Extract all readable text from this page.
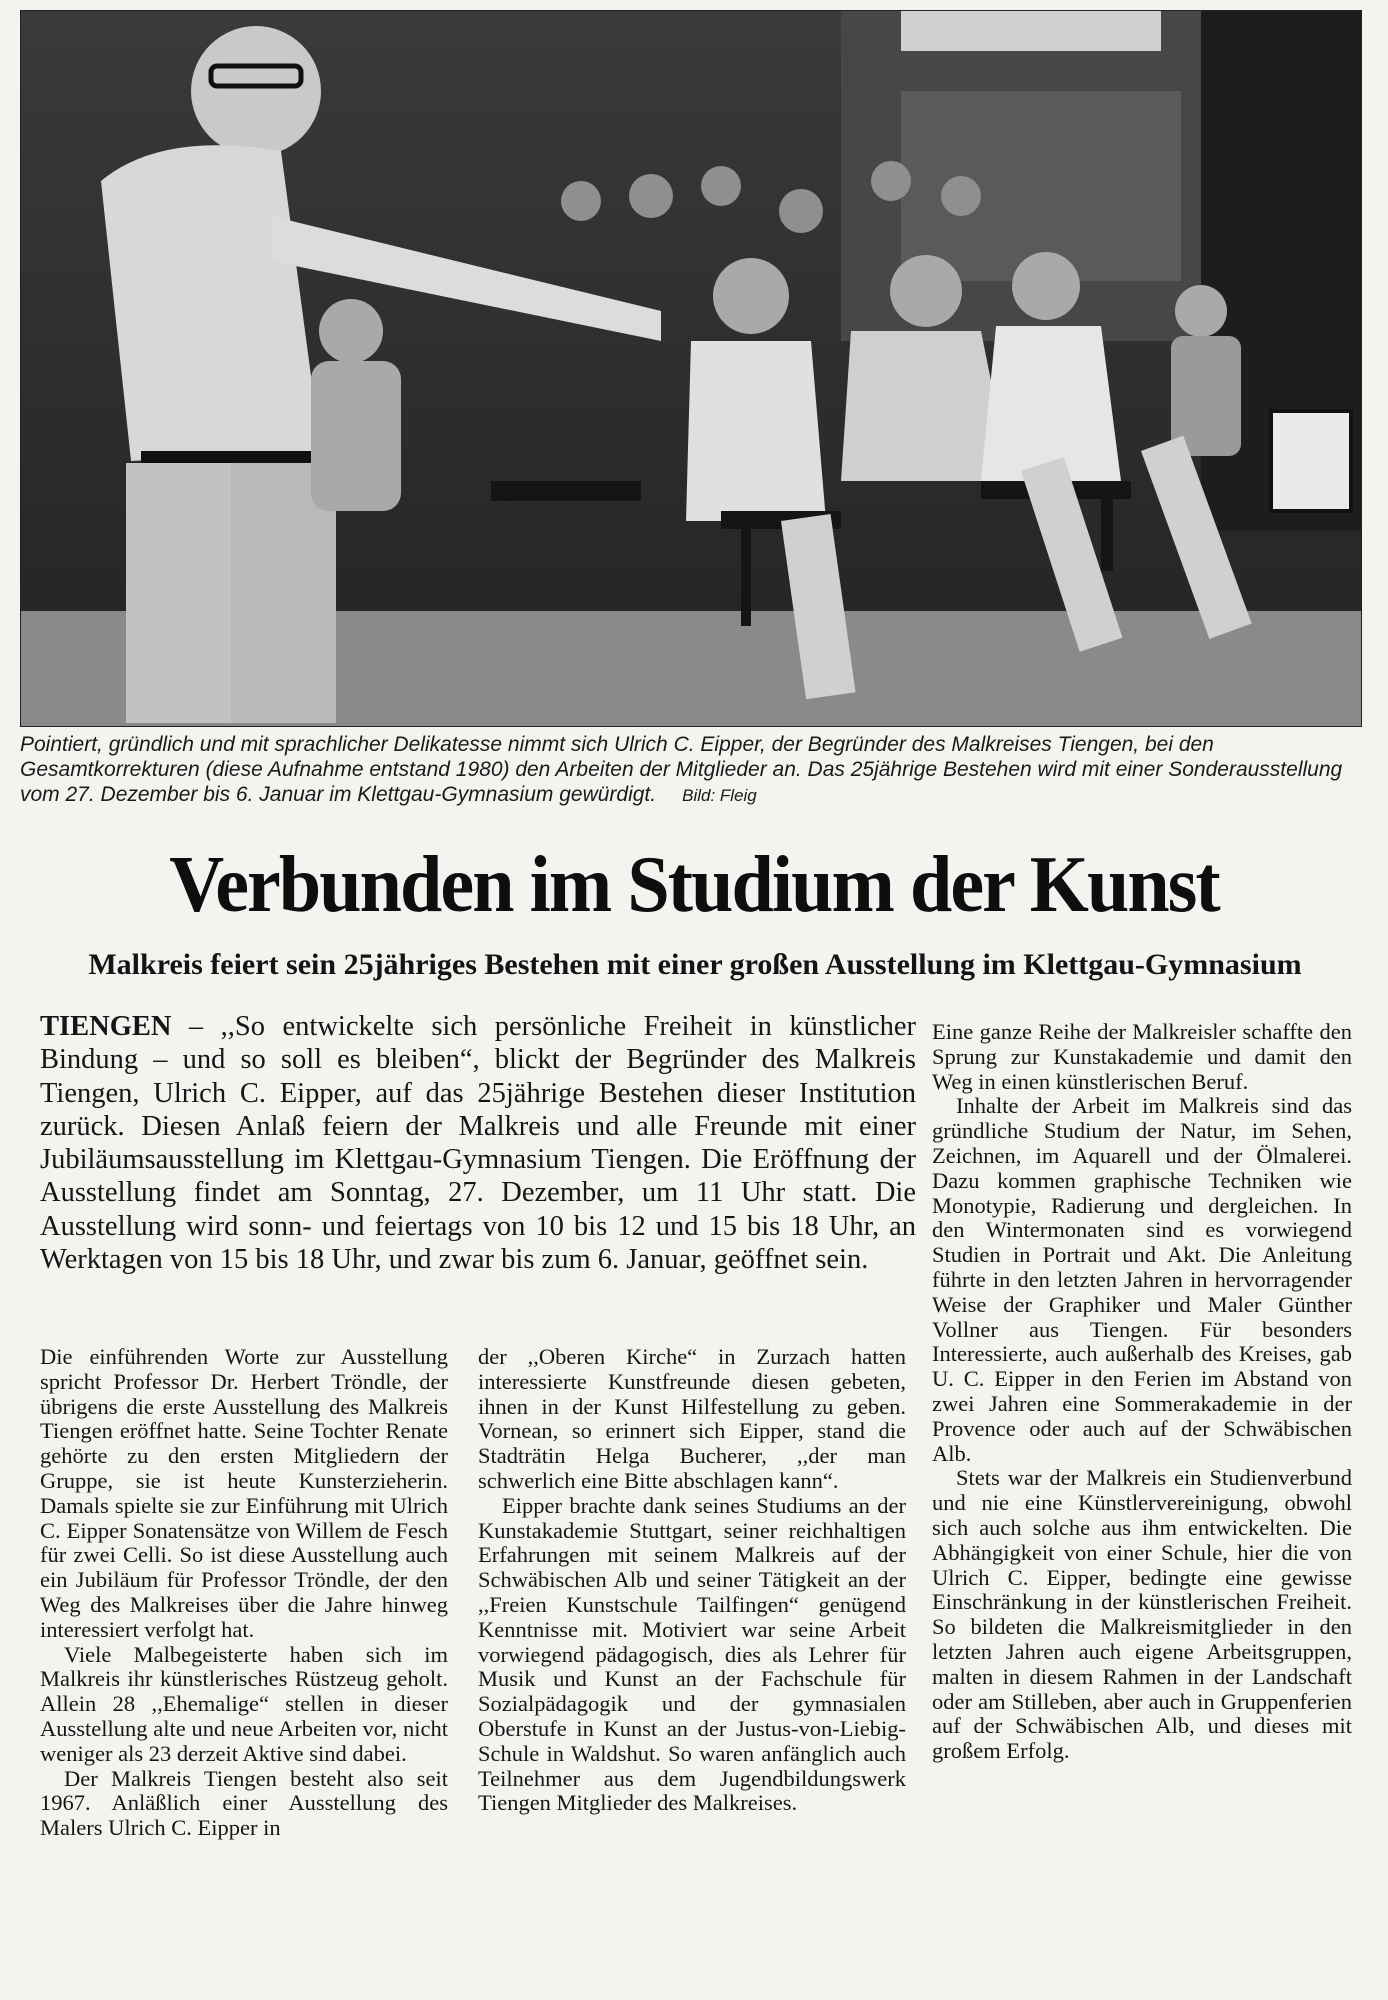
Pointiert, gründlich und mit sprachlicher Delikatesse nimmt sich Ulrich C. Eipper, der Begründer des Malkreises Tiengen, bei den Gesamtkorrekturen (diese Aufnahme entstand 1980) den Arbeiten der Mitglieder an. Das 25jährige Bestehen wird mit einer Sonderausstellung vom 27. Dezember bis 6. Januar im Klettgau-Gymnasium gewürdigt. Bild: Fleig
Verbunden im Studium der Kunst
Malkreis feiert sein 25jähriges Bestehen mit einer großen Ausstellung im Klettgau-Gymnasium
TIENGEN – ,,So entwickelte sich persönliche Freiheit in künstlicher Bindung – und so soll es bleiben“, blickt der Begründer des Malkreis Tiengen, Ulrich C. Eipper, auf das 25jährige Bestehen dieser Institution zurück. Diesen Anlaß feiern der Malkreis und alle Freunde mit einer Jubiläumsausstellung im Klettgau-Gymnasium Tiengen. Die Eröffnung der Ausstellung findet am Sonntag, 27. Dezember, um 11 Uhr statt. Die Ausstellung wird sonn- und feiertags von 10 bis 12 und 15 bis 18 Uhr, an Werktagen von 15 bis 18 Uhr, und zwar bis zum 6. Januar, geöffnet sein.

Die einführenden Worte zur Ausstellung spricht Professor Dr. Herbert Tröndle, der übrigens die erste Ausstellung des Malkreis Tiengen eröffnet hatte. Seine Tochter Renate gehörte zu den ersten Mitgliedern der Gruppe, sie ist heute Kunsterzieherin. Damals spielte sie zur Einführung mit Ulrich C. Eipper Sonatensätze von Willem de Fesch für zwei Celli. So ist diese Ausstellung auch ein Jubiläum für Professor Tröndle, der den Weg des Malkreises über die Jahre hinweg interessiert verfolgt hat.

Viele Malbegeisterte haben sich im Malkreis ihr künstlerisches Rüstzeug geholt. Allein 28 ,,Ehemalige“ stellen in dieser Ausstellung alte und neue Arbeiten vor, nicht weniger als 23 derzeit Aktive sind dabei.

Der Malkreis Tiengen besteht also seit 1967. Anläßlich einer Ausstellung des Malers Ulrich C. Eipper in

der ,,Oberen Kirche“ in Zurzach hatten interessierte Kunstfreunde diesen gebeten, ihnen in der Kunst Hilfestellung zu geben. Vornean, so erinnert sich Eipper, stand die Stadträtin Helga Bucherer, ,,der man schwerlich eine Bitte abschlagen kann“.

Eipper brachte dank seines Studiums an der Kunstakademie Stuttgart, seiner reichhaltigen Erfahrungen mit seinem Malkreis auf der Schwäbischen Alb und seiner Tätigkeit an der ,,Freien Kunstschule Tailfingen“ genügend Kenntnisse mit. Motiviert war seine Arbeit vorwiegend pädagogisch, dies als Lehrer für Musik und Kunst an der Fachschule für Sozialpädagogik und der gymnasialen Oberstufe in Kunst an der Justus-von-Liebig-Schule in Waldshut. So waren anfänglich auch Teilnehmer aus dem Jugendbildungswerk Tiengen Mitglieder des Malkreises.

Eine ganze Reihe der Malkreisler schaffte den Sprung zur Kunstakademie und damit den Weg in einen künstlerischen Beruf.

Inhalte der Arbeit im Malkreis sind das gründliche Studium der Natur, im Sehen, Zeichnen, im Aquarell und der Ölmalerei. Dazu kommen graphische Techniken wie Monotypie, Radierung und dergleichen. In den Wintermonaten sind es vorwiegend Studien in Portrait und Akt. Die Anleitung führte in den letzten Jahren in hervorragender Weise der Graphiker und Maler Günther Vollner aus Tiengen. Für besonders Interessierte, auch außerhalb des Kreises, gab U. C. Eipper in den Ferien im Abstand von zwei Jahren eine Sommerakademie in der Provence oder auch auf der Schwäbischen Alb.

Stets war der Malkreis ein Studienverbund und nie eine Künstlervereinigung, obwohl sich auch solche aus ihm entwickelten. Die Abhängigkeit von einer Schule, hier die von Ulrich C. Eipper, bedingte eine gewisse Einschränkung in der künstlerischen Freiheit. So bildeten die Malkreismitglieder in den letzten Jahren auch eigene Arbeitsgruppen, malten in diesem Rahmen in der Landschaft oder am Stilleben, aber auch in Gruppenferien auf der Schwäbischen Alb, und dieses mit großem Erfolg.
